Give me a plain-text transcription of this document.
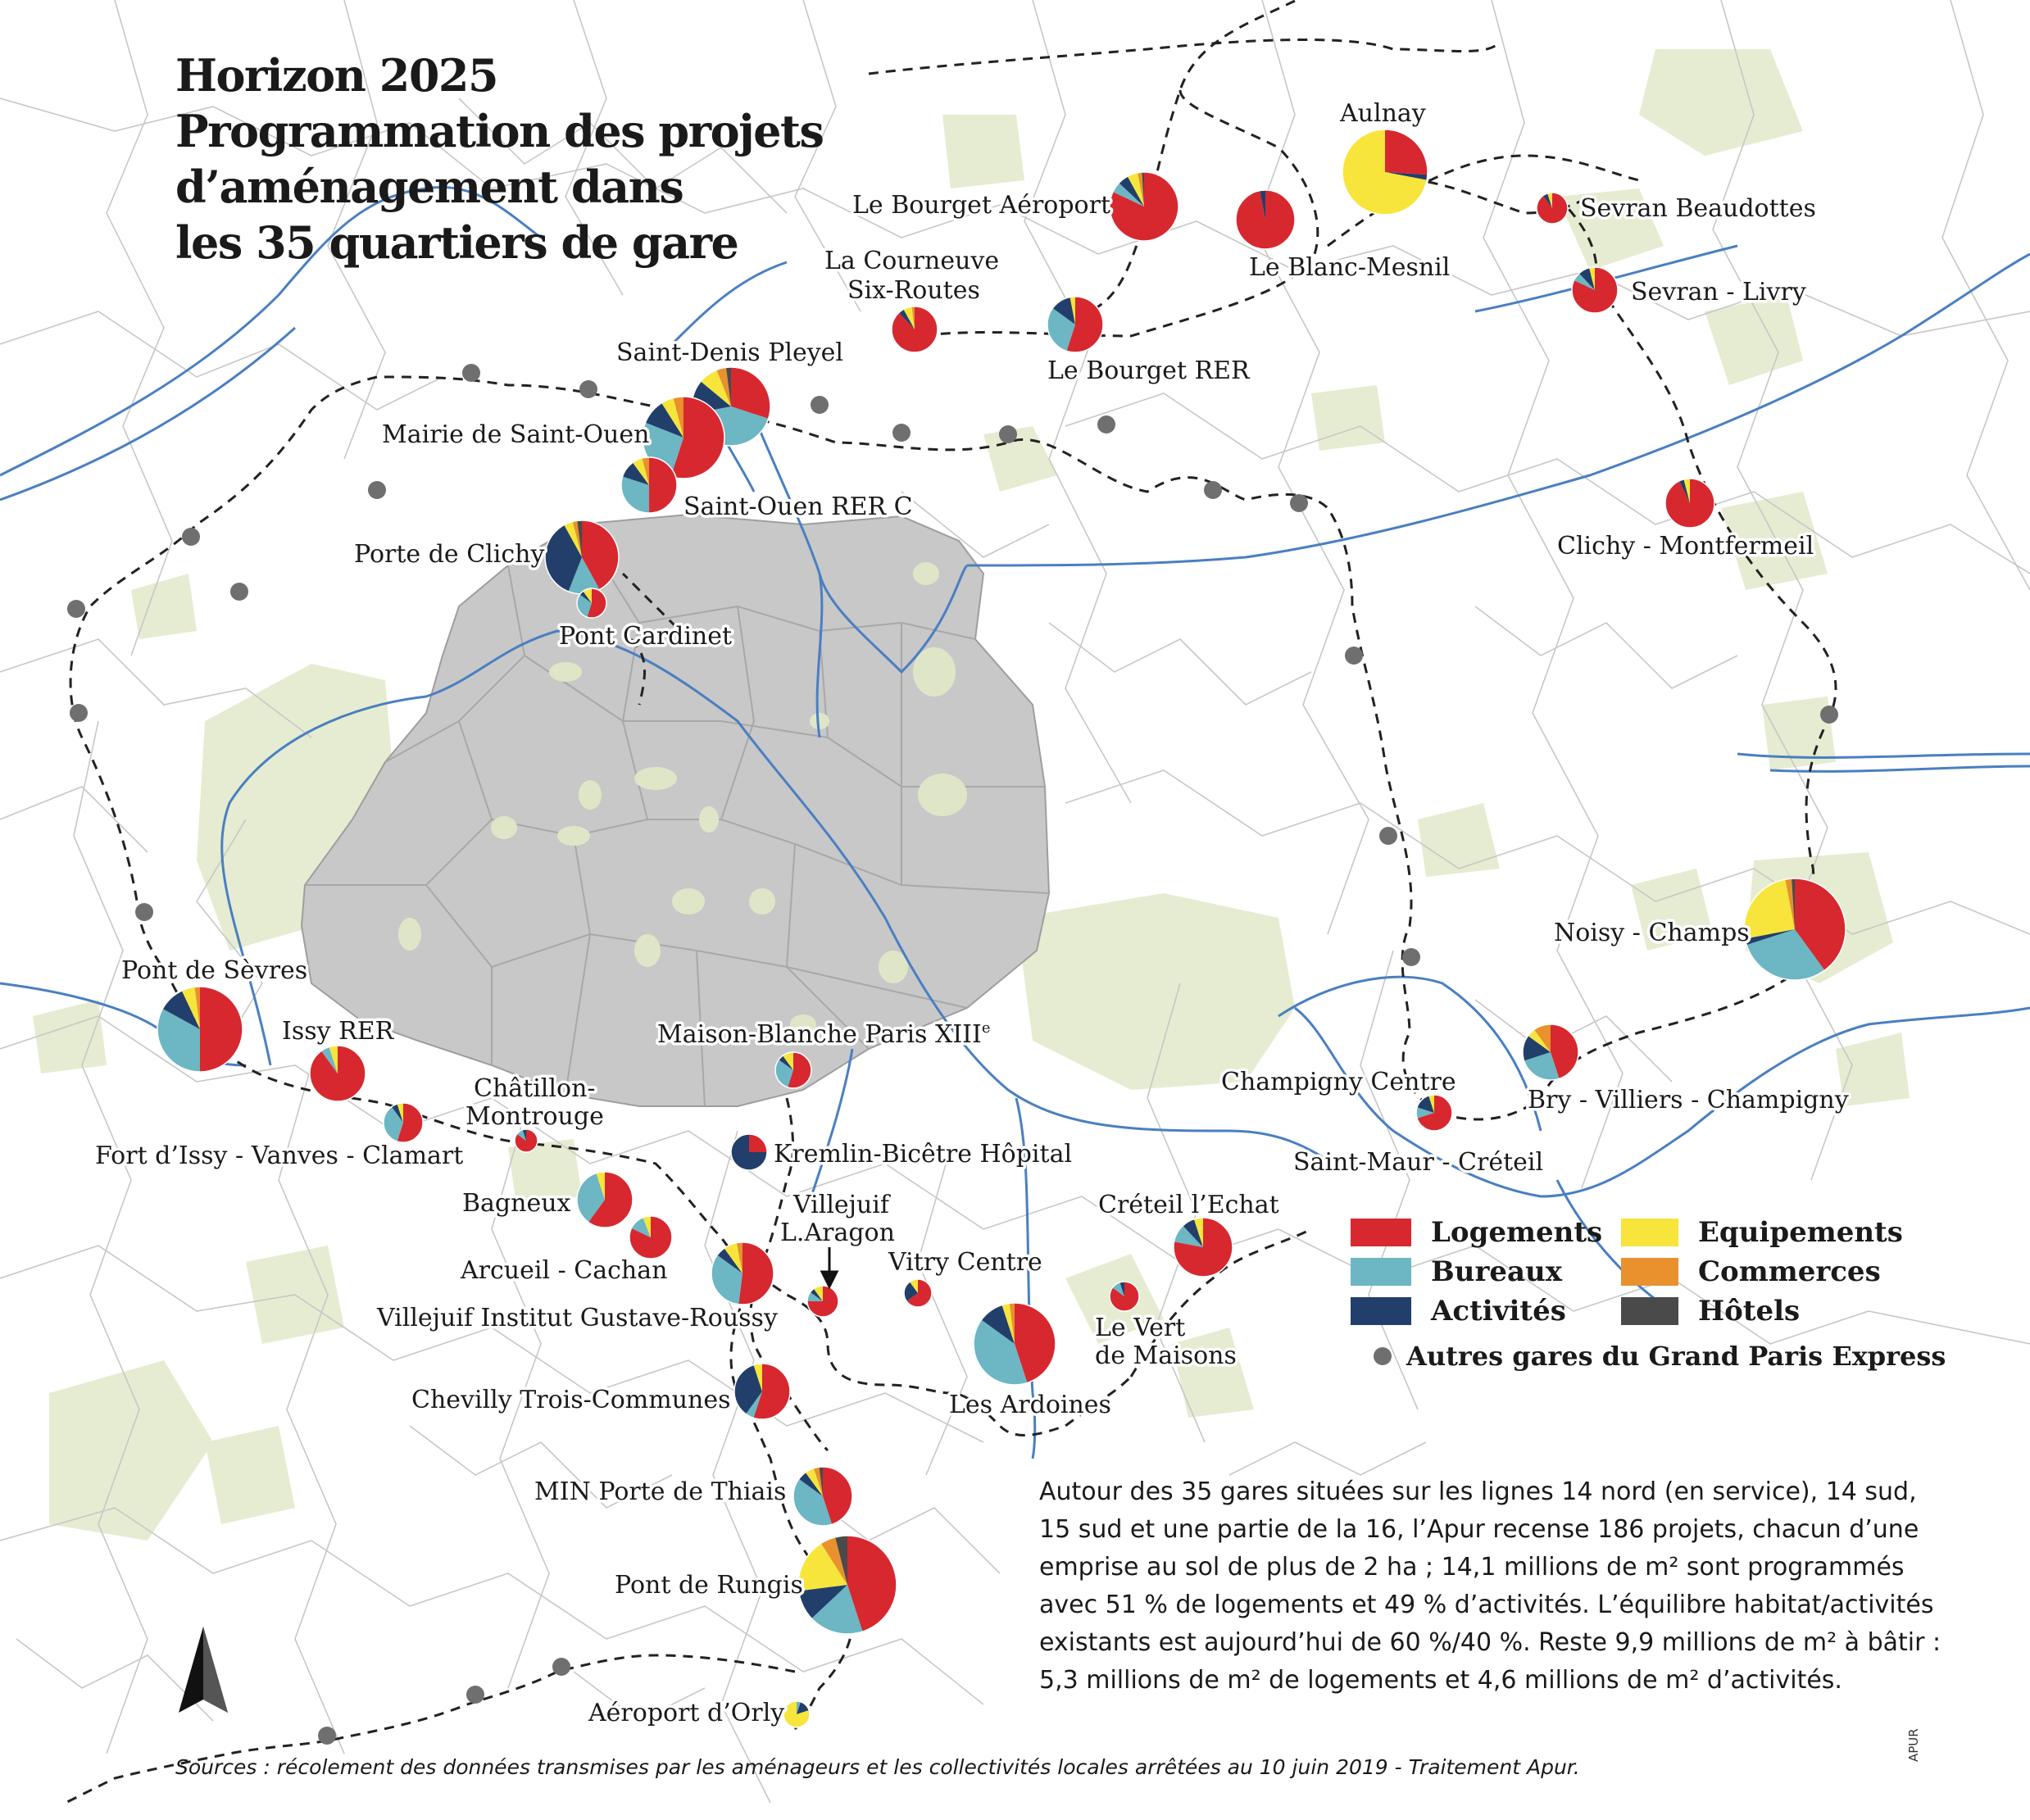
Aulnay
Le Bourget Aéroport
Le Blanc-Mesnil
Sevran Beaudottes
Sevran - Livry
La Courneuve
Six-Routes
Le Bourget RER
Saint-Denis Pleyel
Mairie de Saint-Ouen
Saint-Ouen RER C
Clichy - Montfermeil
Porte de Clichy
Pont Cardinet
Noisy - Champs
Pont de Sèvres
Issy RER	Maison-Blanche Paris XIIIe
Champigny Centre
Bry - Villiers - Champigny
Châtillon-
Montrouge
Fort d’Issy - Vanves - Clamart	Kremlin-Bicêtre Hôpital	Saint-Maur - Créteil
Bagneux	Créteil l’Echat
Villejuif
L.Aragon
Vitry Centre
Arcueil - Cachan
Villejuif Institut Gustave-Roussy	Le Vert
de Maisons
Chevilly Trois-Communes	Les Ardoines
MIN Porte de Thiais
Pont de Rungis
Aéroport d’Orly
Horizon 2025
Programmation des projets
d’aménagement dans
les 35 quartiers de gare
Logements
Bureaux
Activités
Equipements
Commerces
Hôtels
Autres gares du Grand Paris Express
Autour des 35 gares situées sur les lignes 14 nord (en service), 14 sud,
15 sud et une partie de la 16, l’Apur recense 186 projets, chacun d’une
emprise au sol de plus de 2 ha ; 14,1 millions de m² sont programmés
avec 51 % de logements et 49 % d’activités. L’équilibre habitat/activités
existants est aujourd’hui de 60 %/40 %. Reste 9,9 millions de m² à bâtir :
5,3 millions de m² de logements et 4,6 millions de m² d’activités.
Sources : récolement des données transmises par les aménageurs et les collectivités locales arrêtées au 10 juin 2019 - Traitement Apur.
APUR
